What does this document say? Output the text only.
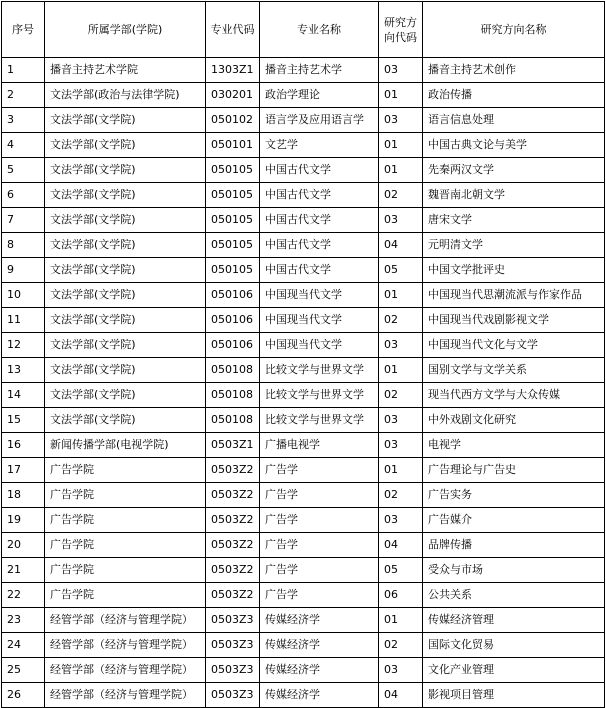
序号	所属学部(学院)	专业代码	专业名称	研究方向代码	研究方向名称
1	播音主持艺术学院	1303Z1	播音主持艺术学	03	播音主持艺术创作
2	文法学部(政治与法律学院)	030201	政治学理论	01	政治传播
3	文法学部(文学院)	050102	语言学及应用语言学	03	语言信息处理
4	文法学部(文学院)	050101	文艺学	01	中国古典文论与美学
5	文法学部(文学院)	050105	中国古代文学	01	先秦两汉文学
6	文法学部(文学院)	050105	中国古代文学	02	魏晋南北朝文学
7	文法学部(文学院)	050105	中国古代文学	03	唐宋文学
8	文法学部(文学院)	050105	中国古代文学	04	元明清文学
9	文法学部(文学院)	050105	中国古代文学	05	中国文学批评史
10	文法学部(文学院)	050106	中国现当代文学	01	中国现当代思潮流派与作家作品
11	文法学部(文学院)	050106	中国现当代文学	02	中国现当代戏剧影视文学
12	文法学部(文学院)	050106	中国现当代文学	03	中国现当代文化与文学
13	文法学部(文学院)	050108	比较文学与世界文学	01	国别文学与文学关系
14	文法学部(文学院)	050108	比较文学与世界文学	02	现当代西方文学与大众传媒
15	文法学部(文学院)	050108	比较文学与世界文学	03	中外戏剧文化研究
16	新闻传播学部(电视学院)	0503Z1	广播电视学	03	电视学
17	广告学院	0503Z2	广告学	01	广告理论与广告史
18	广告学院	0503Z2	广告学	02	广告实务
19	广告学院	0503Z2	广告学	03	广告媒介
20	广告学院	0503Z2	广告学	04	品牌传播
21	广告学院	0503Z2	广告学	05	受众与市场
22	广告学院	0503Z2	广告学	06	公共关系
23	经管学部（经济与管理学院）	0503Z3	传媒经济学	01	传媒经济管理
24	经管学部（经济与管理学院）	0503Z3	传媒经济学	02	国际文化贸易
25	经管学部（经济与管理学院）	0503Z3	传媒经济学	03	文化产业管理
26	经管学部（经济与管理学院）	0503Z3	传媒经济学	04	影视项目管理
